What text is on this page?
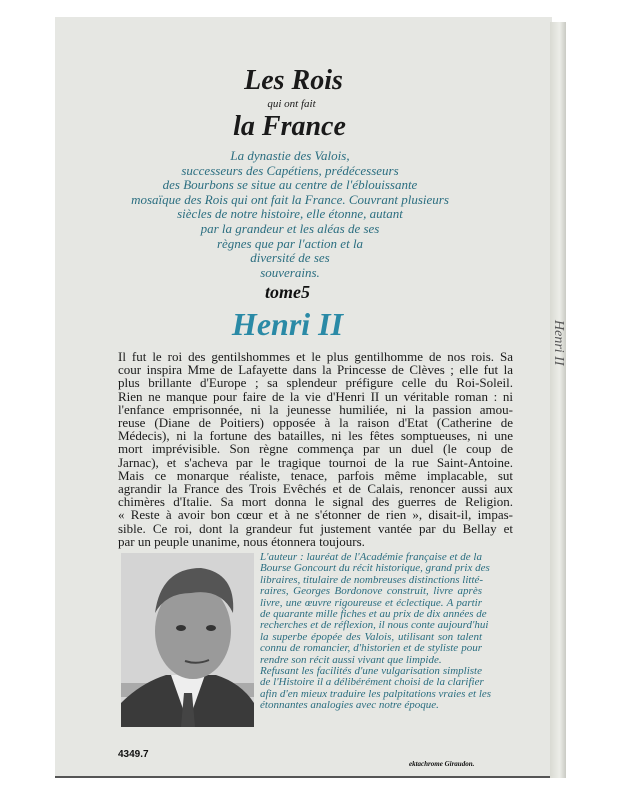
Les Rois
qui ont fait
la France
La dynastie des Valois,
successeurs des Capétiens, prédécesseurs
des Bourbons se situe au centre de l'éblouissante
mosaïque des Rois qui ont fait la France. Couvrant plusieurs
siècles de notre histoire, elle étonne, autant
par la grandeur et les aléas de ses
règnes que par l'action et la
diversité de ses
souverains.
tome5
Henri II
Il fut le roi des gentilshommes et le plus gentilhomme de nos rois. Sa
cour inspira Mme de Lafayette dans la Princesse de Clèves ; elle fut la
plus brillante d'Europe ; sa splendeur préfigure celle du Roi-Soleil.
Rien ne manque pour faire de la vie d'Henri II un véritable roman : ni
l'enfance emprisonnée, ni la jeunesse humiliée, ni la passion amou-
reuse (Diane de Poitiers) opposée à la raison d'Etat (Catherine de
Médecis), ni la fortune des batailles, ni les fêtes somptueuses, ni une
mort imprévisible. Son règne commença par un duel (le coup de
Jarnac), et s'acheva par le tragique tournoi de la rue Saint-Antoine.
Mais ce monarque réaliste, tenace, parfois même implacable, sut
agrandir la France des Trois Evêchés et de Calais, renoncer aussi aux
chimères d'Italie. Sa mort donna le signal des guerres de Religion.
« Reste à avoir bon cœur et à ne s'étonner de rien », disait-il, impas-
sible. Ce roi, dont la grandeur fut justement vantée par du Bellay et
par un peuple unanime, nous étonnera toujours.
L'auteur : lauréat de l'Académie française et de la
Bourse Goncourt du récit historique, grand prix des
libraires, titulaire de nombreuses distinctions litté-
raires, Georges Bordonove construit, livre après
livre, une œuvre rigoureuse et éclectique. A partir
de quarante mille fiches et au prix de dix années de
recherches et de réflexion, il nous conte aujourd'hui
la superbe épopée des Valois, utilisant son talent
connu de romancier, d'historien et de styliste pour
rendre son récit aussi vivant que limpide.
Refusant les facilités d'une vulgarisation simpliste
de l'Histoire il a délibérément choisi de la clarifier
afin d'en mieux traduire les palpitations vraies et les
étonnantes analogies avec notre époque.
4349.7
ektachrome Giraudon.
Henri II
